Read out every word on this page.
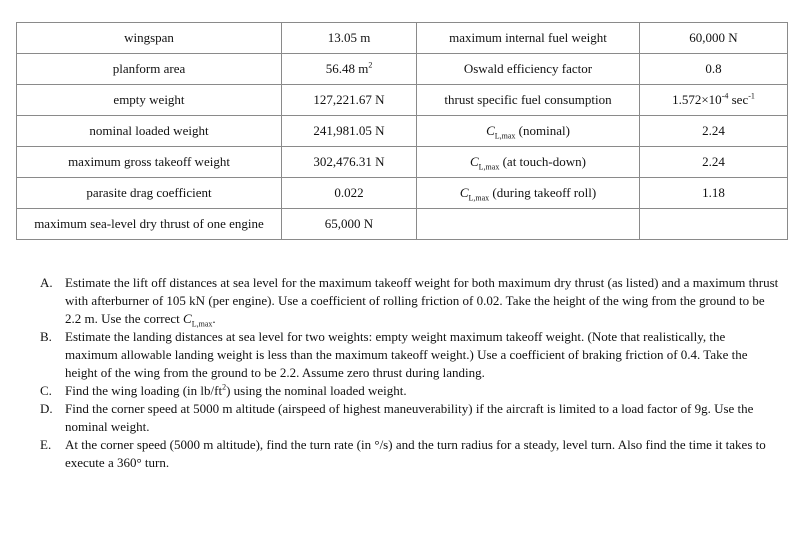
wingspan	13.05 m	maximum internal fuel weight	60,000 N
planform area	56.48 $m^2$	Oswald efficiency factor	0.8
empty weight	127,221.67 N	thrust specific fuel consumption	$1.572\times 10^{-4}$ $\sec^{-1}$
nominal loaded weight	241,981.05 N	$C_{L,max}$ (nominal)	2.24
maximum gross takeoff weight	302,476.31 N	$C_{L,max}$ (at touch-down)	2.24
parasite drag coefficient	0.022	$C_{L,max}$ (during takeoff roll)	1.18
maximum sea-level dry thrust of one engine	65,000 N		
A. Estimate the lift off distances at sea level for the maximum takeoff weight for both maximum dry thrust (as listed) and a maximum thrust with afterburner of 105 kN (per engine). Use a coefficient of rolling friction of 0.02. Take the height of the wing from the ground to be 2.2 m. Use the correct $C_{L,max}$.
B. Estimate the landing distances at sea level for two weights: empty weight maximum takeoff weight. (Note that realistically, the maximum allowable landing weight is less than the maximum takeoff weight.) Use a coefficient of braking friction of 0.4. Take the height of the wing from the ground to be 2.2. Assume zero thrust during landing.
C. Find the wing loading (in $lb/ft^2$) using the nominal loaded weight.
D. Find the corner speed at 5000 m altitude (airspeed of highest maneuverability) if the aircraft is limited to a load factor of 9g. Use the nominal weight.
E. At the corner speed (5000 m altitude), find the turn rate (in °/s) and the turn radius for a steady, level turn. Also find the time it takes to execute a 360° turn.
